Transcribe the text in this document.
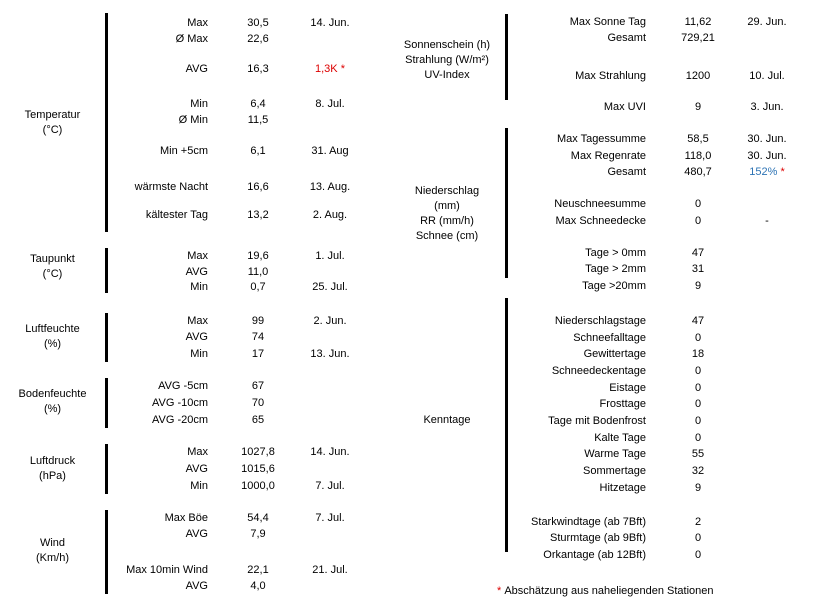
* Abschätzung aus naheliegenden Stationen
Temperatur
(°C)
Max	30,5	14. Jun.
Ø Max	22,6
AVG	16,3	1,3K *
Min	6,4	8. Jul.
Ø Min	11,5
Min +5cm	6,1	31. Aug
wärmste Nacht	16,6	13. Aug.
kältester Tag	13,2	2. Aug.
Taupunkt
(°C)
Max	19,6	1. Jul.
AVG	11,0
Min	0,7	25. Jul.
Luftfeuchte
(%)
Max	99	2. Jun.
AVG	74
Min	17	13. Jun.
Bodenfeuchte
(%)
AVG -5cm	67
AVG -10cm	70
AVG -20cm	65
Luftdruck
(hPa)
Max	1027,8	14. Jun.
AVG	1015,6
Min	1000,0	7. Jul.
Wind
(Km/h)
Max Böe	54,4	7. Jul.
AVG	7,9
Max 10min Wind	22,1	21. Jul.
AVG	4,0
Sonnenschein (h)
Strahlung (W/m²)
UV-Index
Max Sonne Tag	11,62	29. Jun.
Gesamt	729,21
Max Strahlung	1200	10. Jul.
Max UVI	9	3. Jun.
Niederschlag
(mm)
RR (mm/h)
Schnee (cm)
Max Tagessumme	58,5	30. Jun.
Max Regenrate	118,0	30. Jun.
Gesamt	480,7	152% *
Neuschneesumme	0
Max Schneedecke	0	-
Tage > 0mm	47
Tage > 2mm	31
Tage >20mm	9
Kenntage
Niederschlagstage	47
Schneefalltage	0
Gewittertage	18
Schneedeckentage	0
Eistage	0
Frosttage	0
Tage mit Bodenfrost	0
Kalte Tage	0
Warme Tage	55
Sommertage	32
Hitzetage	9
Starkwindtage (ab 7Bft)	2
Sturmtage (ab 9Bft)	0
Orkantage (ab 12Bft)	0
